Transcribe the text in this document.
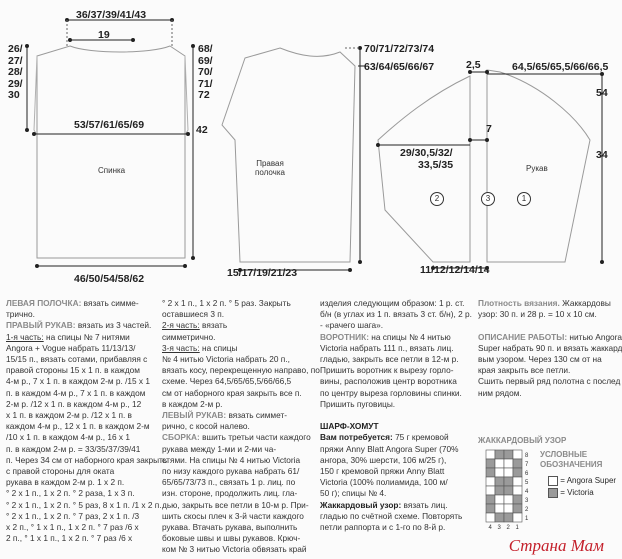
36/37/39/41/43
19
26/
27/
28/
29/
30
68/
69/
70/
71/
72
53/57/61/65/69	42
Спинка
46/50/54/58/62
70/71/72/73/74
63/64/65/66/67
Правая полочка
15/17/19/21/23
2,5	64,5/65/65,5/66/66,5
54
34
7
29/30,5/32/
33,5/35	Рукав
11/12/12/14/14
2	3	1

ЛЕВАЯ ПОЛОЧКА: вязать симме-

трично.

ПРАВЫЙ РУКАВ: вязать из 3 частей.

1-я часть: на спицы № 7 нитями

Angora + Vogue набрать 11/13/13/

15/15 п., вязать сотами, прибавляя с

правой стороны 15 х 1 п. в каждом

4-м р., 7 х 1 п. в каждом 2-м р. /15 х 1

п. в каждом 4-м р., 7 х 1 п. в каждом

2-м р. /12 х 1 п. в каждом 4-м р., 12

х 1 п. в каждом 2-м р. /12 х 1 п. в

каждом 4-м р., 12 х 1 п. в каждом 2-м

/10 х 1 п. в каждом 4-м р., 16 х 1

п. в каждом 2-м р. = 33/35/37/39/41

п. Через 34 см от наборного края закрыть

с правой стороны для оката

рукава в каждом 2-м р. 1 х 2 п.

° 2 х 1 п., 1 х 2 п. ° 2 раза, 1 х 3 п.

° 2 х 1 п., 1 х 2 п. ° 5 раз, 8 х 1 п. /1 х 2 п.

° 2 х 1 п., 1 х 2 п. ° 7 раз, 2 х 1 п. /3

х 2 п., ° 1 х 1 п., 1 х 2 п. ° 7 раз /6 х

2 п., ° 1 х 1 п., 1 х 2 п. ° 7 раз /6 х

° 2 х 1 п., 1 х 2 п. ° 5 раз. Закрыть

оставшиеся 3 п.

2-я часть: вязать

симметрично.

3-я часть: на спицы

№ 4 нитью Victoria набрать 20 п.,

вязать косу, перекрещенную направо, по

схеме. Через 64,5/65/65,5/66/66,5

см от наборного края закрыть все п.

в каждом 2-м р.

ЛЕВЫЙ РУКАВ: вязать симмет-

рично, с косой налево.

СБОРКА: вшить третьи части каждого

рукава между 1-ми и 2-ми ча-

стями. На спицы № 4 нитью Victoria

по низу каждого рукава набрать 61/

65/65/73/73 п., связать 1 р. лиц. по

изн. стороне, продолжить лиц. гла-

дью, закрыть все петли в 10-м р. При-

шить скосы плеч к 3-й части каждого

рукава. Втачать рукава, выполнить

боковые швы и швы рукавов. Крюч-

ком № 3 нитью Victoria обвязать край

изделия следующим образом: 1 р. ст.

б/н (в углах из 1 п. вязать 3 ст. б/н), 2 р.

- «рачего шага».

ВОРОТНИК: на спицы № 4 нитью

Victoria набрать 111 п., вязать лиц.

гладью, закрыть все петли в 12-м р.

Пришить воротник к вырезу горло-

вины, расположив центр воротника

по центру выреза горловины спинки.

Пришить пуговицы.

ШАРФ-ХОМУТ

Вам потребуется: 75 г кремовой

пряжи Anny Blatt Angora Super (70%

ангора, 30% шерсти, 106 м/25 г),

150 г кремовой пряжи Anny Blatt

Victoria (100% полиамида, 100 м/

50 г); спицы № 4.

Жаккардовый узор: вязать лиц.

гладью по счётной схеме. Повторять

петли раппорта и с 1-го по 8-й р.

Плотность вязания. Жаккардовы

узор: 30 п. и 28 р. = 10 х 10 см.

ОПИСАНИЕ РАБОТЫ: нитью Angora

Super набрать 90 п. и вязать жаккард

вым узором. Через 130 см от на

края закрыть все петли.

Сшить первый ряд полотна с послед

ним рядом.

ЖАККАРДОВЫЙ УЗОР
8
7
6
5
4
3
2
1
4 3 2 1
УСЛОВНЫЕ
ОБОЗНАЧЕНИЯ
= Angora Super
= Victoria
Страна Мам
